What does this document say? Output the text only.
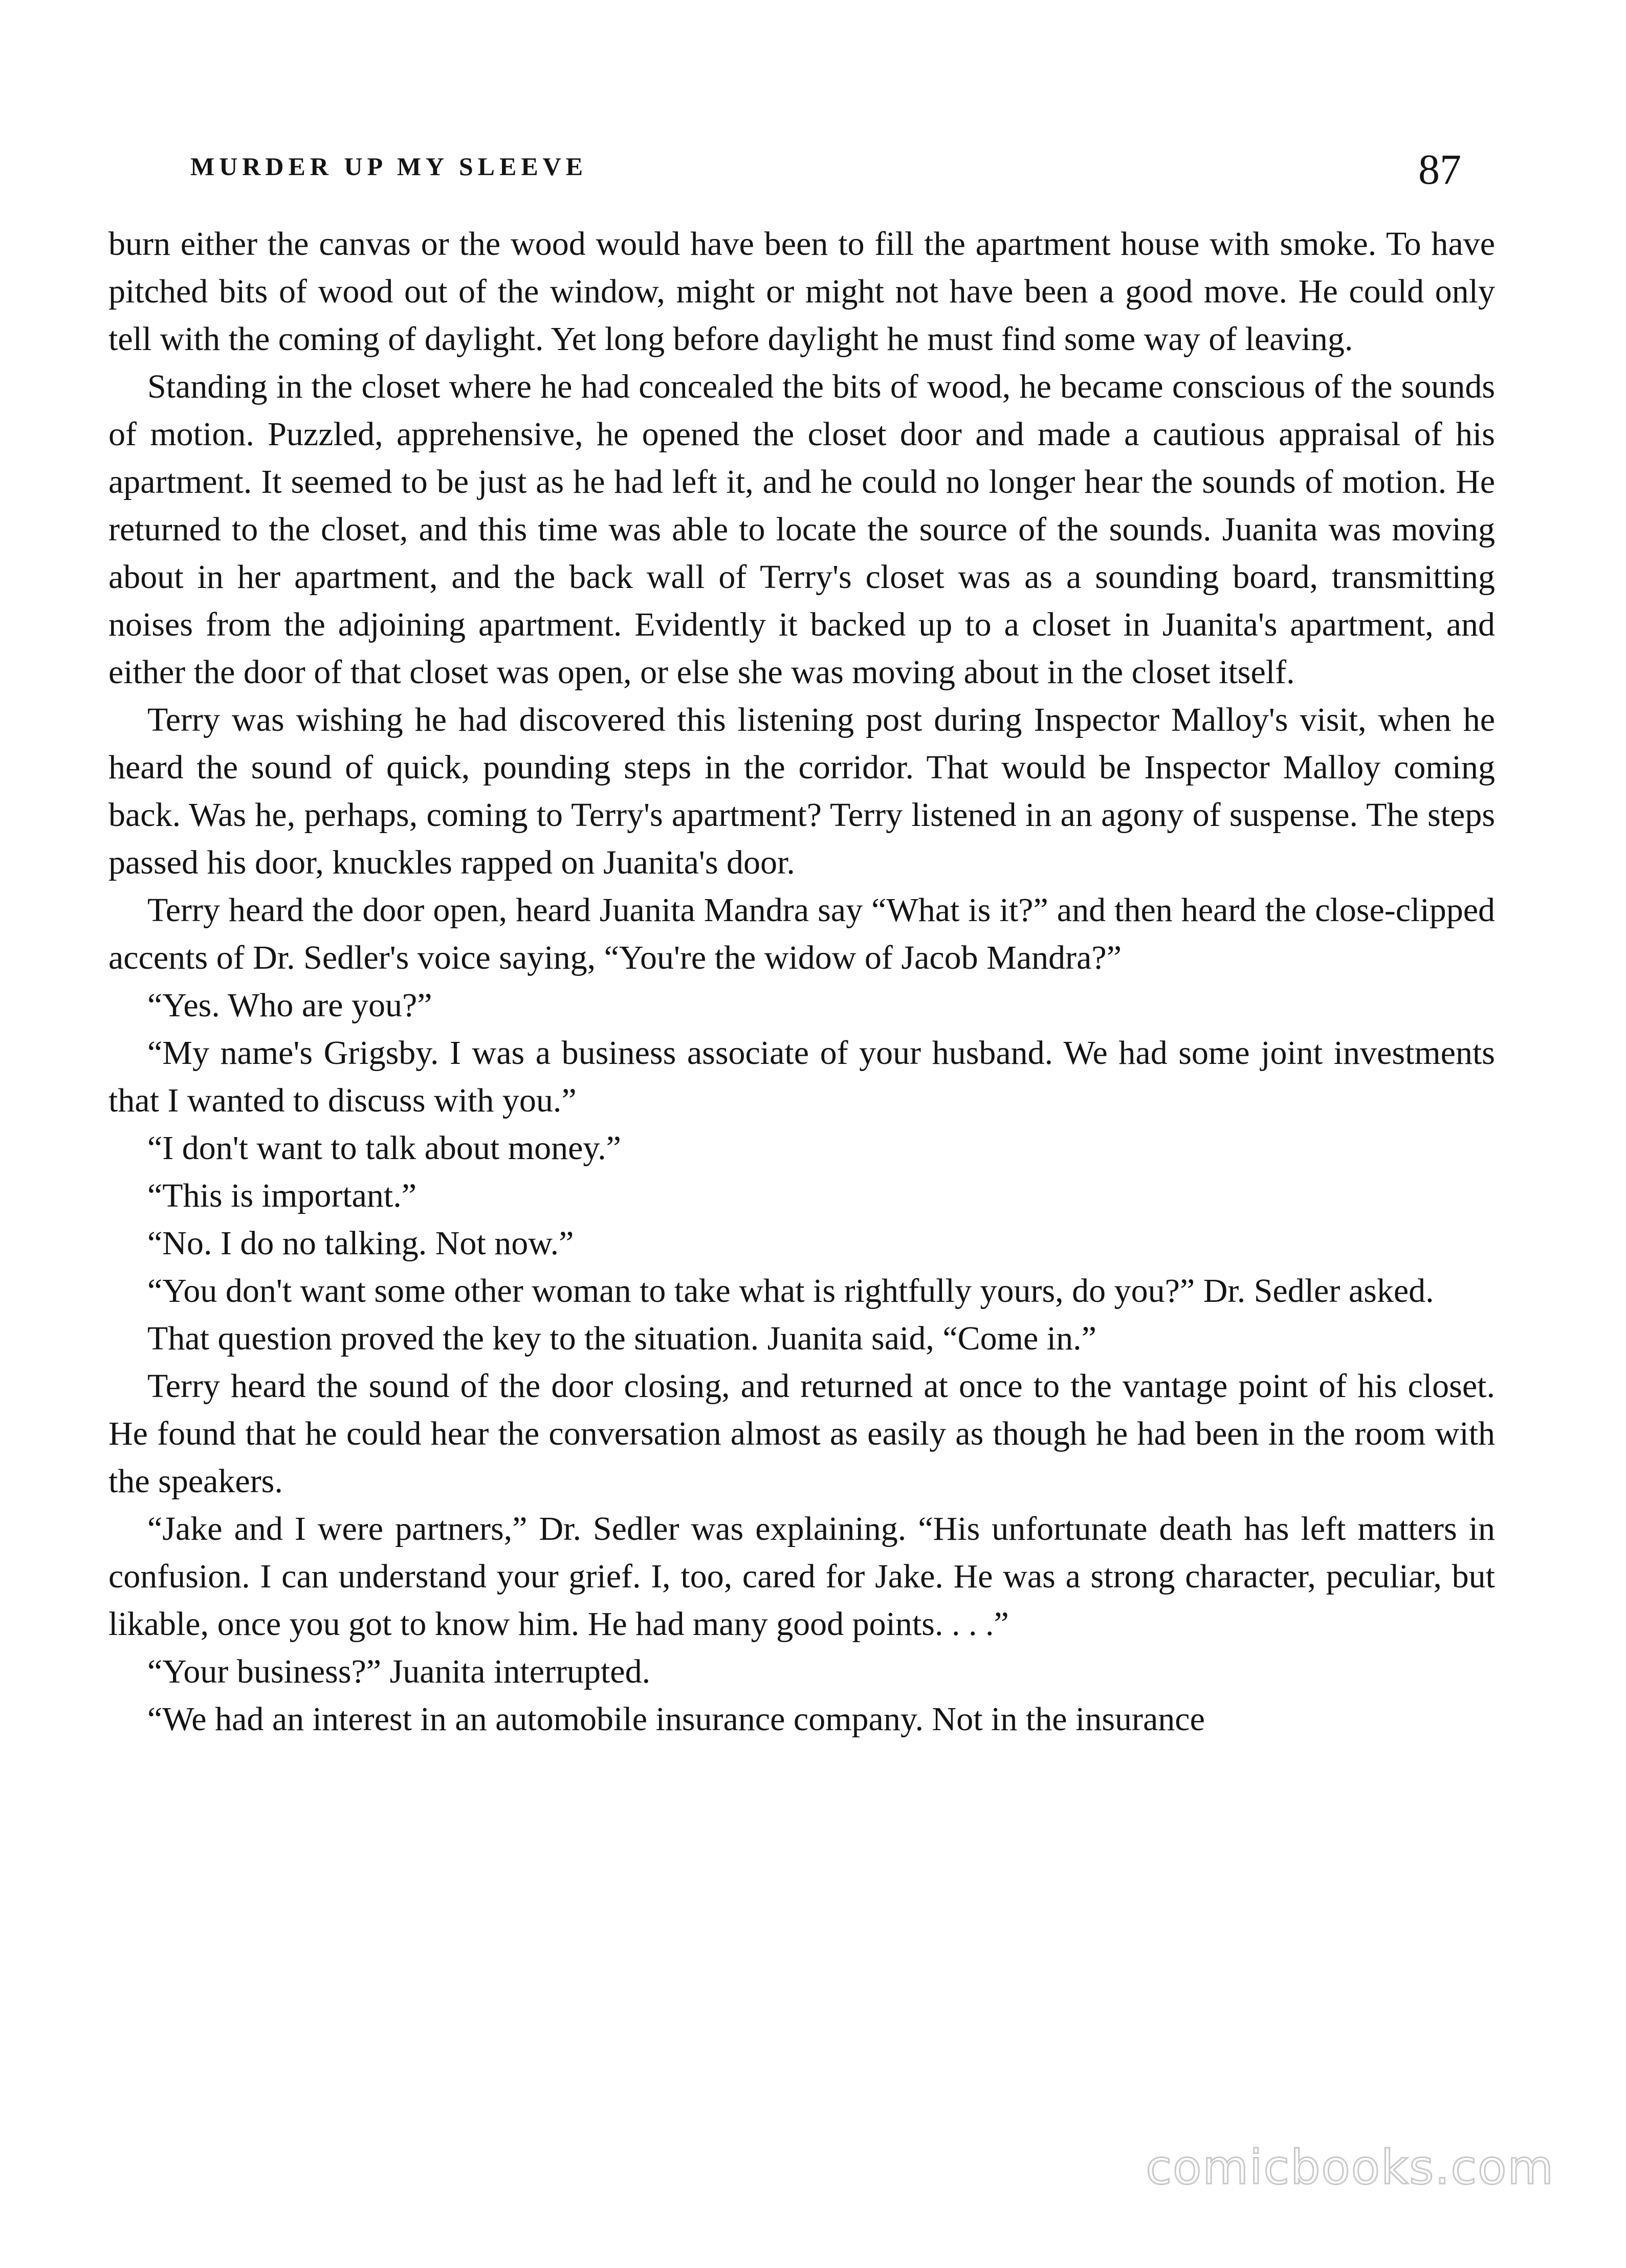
MURDER UP MY SLEEVE	87

burn either the canvas or the wood would have been to fill the apartment house with smoke. To have pitched bits of wood out of the window, might or might not have been a good move. He could only tell with the coming of daylight. Yet long before daylight he must find some way of leaving.

Standing in the closet where he had concealed the bits of wood, he became conscious of the sounds of motion. Puzzled, apprehensive, he opened the closet door and made a cautious appraisal of his apartment. It seemed to be just as he had left it, and he could no longer hear the sounds of motion. He returned to the closet, and this time was able to locate the source of the sounds. Juanita was moving about in her apartment, and the back wall of Terry's closet was as a sounding board, transmitting noises from the adjoining apartment. Evidently it backed up to a closet in Juanita's apartment, and either the door of that closet was open, or else she was moving about in the closet itself.

Terry was wishing he had discovered this listening post during Inspector Malloy's visit, when he heard the sound of quick, pounding steps in the corridor. That would be Inspector Malloy coming back. Was he, perhaps, coming to Terry's apartment? Terry listened in an agony of suspense. The steps passed his door, knuckles rapped on Juanita's door.

Terry heard the door open, heard Juanita Mandra say “What is it?” and then heard the close-clipped accents of Dr. Sedler's voice saying, “You're the widow of Jacob Mandra?”

“Yes. Who are you?”

“My name's Grigsby. I was a business associate of your husband. We had some joint investments that I wanted to discuss with you.”

“I don't want to talk about money.”

“This is important.”

“No. I do no talking. Not now.”

“You don't want some other woman to take what is rightfully yours, do you?” Dr. Sedler asked.

That question proved the key to the situation. Juanita said, “Come in.”

Terry heard the sound of the door closing, and returned at once to the vantage point of his closet. He found that he could hear the conversation almost as easily as though he had been in the room with the speakers.

“Jake and I were partners,” Dr. Sedler was explaining. “His unfortunate death has left matters in confusion. I can understand your grief. I, too, cared for Jake. He was a strong character, peculiar, but likable, once you got to know him. He had many good points. . . .”

“Your business?” Juanita interrupted.

“We had an interest in an automobile insurance company. Not in the insurance

comicbooks.com
